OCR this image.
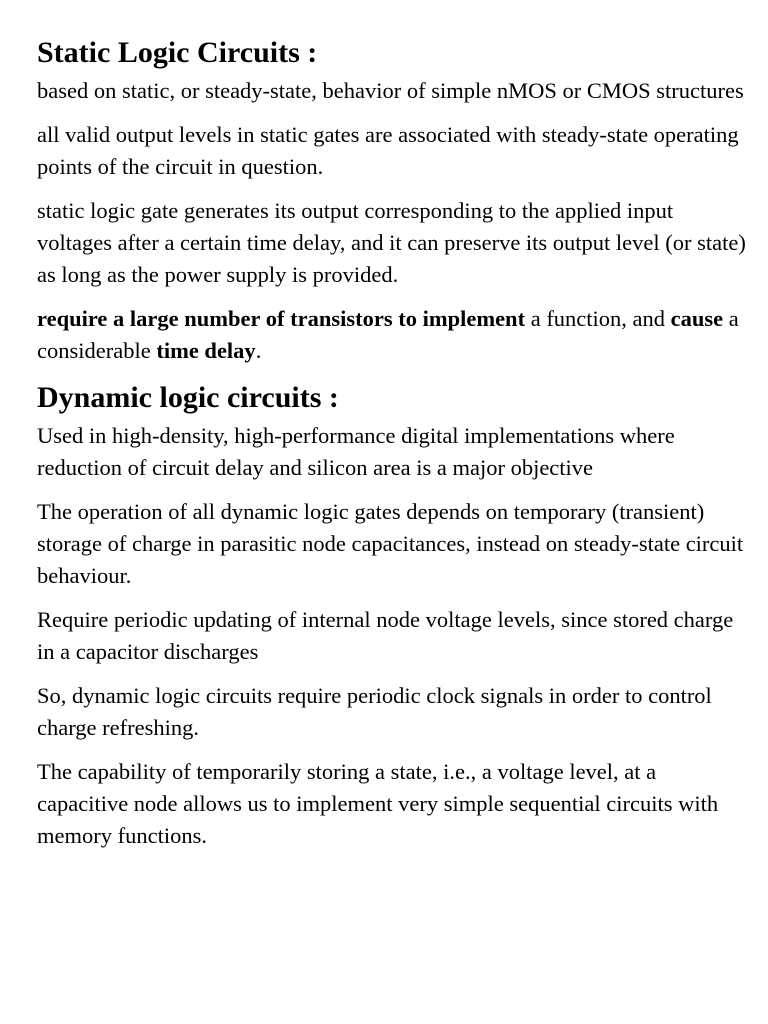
Static Logic Circuits :

based on static, or steady-state, behavior of simple nMOS or CMOS structures

all valid output levels in static gates are associated with steady-state operating points of the circuit in question.

static logic gate generates its output corresponding to the applied input voltages after a certain time delay, and it can preserve its output level (or state) as long as the power supply is provided.

require a large number of transistors to implement a function, and cause a considerable time delay.

Dynamic logic circuits :

Used in high-density, high-performance digital implementations where reduction of circuit delay and silicon area is a major objective

The operation of all dynamic logic gates depends on temporary (transient) storage of charge in parasitic node capacitances, instead on steady-state circuit behaviour.

Require periodic updating of internal node voltage levels, since stored charge in a capacitor discharges

So, dynamic logic circuits require periodic clock signals in order to control charge refreshing.

The capability of temporarily storing a state, i.e., a voltage level, at a capacitive node allows us to implement very simple sequential circuits with memory functions.
